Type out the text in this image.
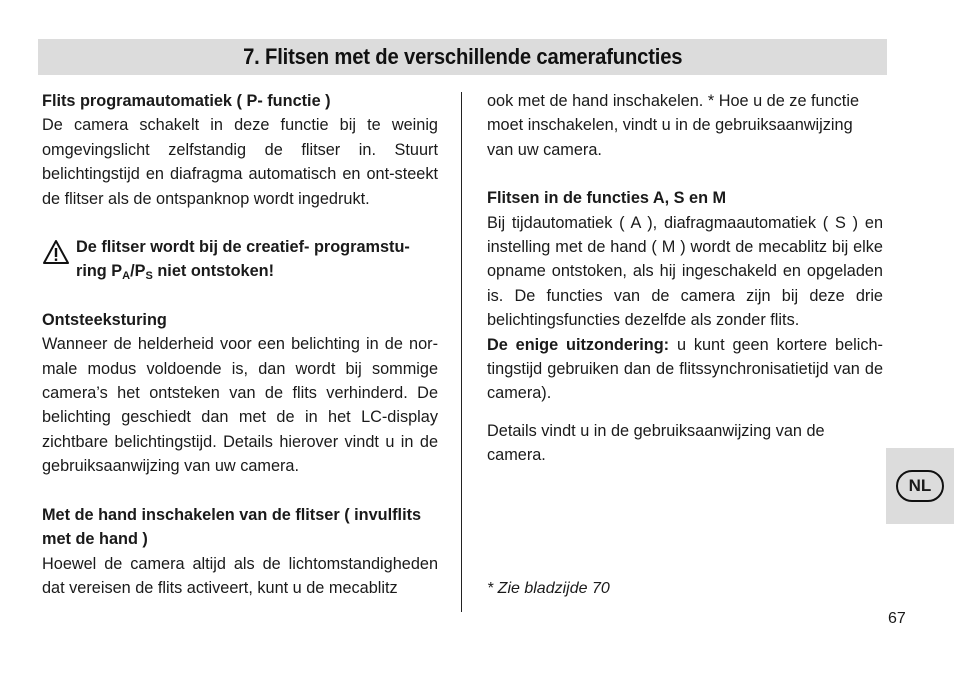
7. Flitsen met de verschillende camerafuncties

Flits programautomatiek ( P- functie )

De camera schakelt in deze functie bij te weinig omgevingslicht zelfstandig de flitser in. Stuurt belichtingstijd en diafragma automatisch en ont-steekt de flitser als de ontspanknop wordt ingedrukt.

De flitser wordt bij de creatief- programstu-
ring $P_A/P_S$ niet ontstoken!

Ontsteeksturing

Wanneer de helderheid voor een belichting in de nor-male modus voldoende is, dan wordt bij sommige camera’s het ontsteken van de flits verhinderd. De belichting geschiedt dan met de in het LC-display zichtbare belichtingstijd. Details hierover vindt u in de gebruiksaanwijzing van uw camera.

Met de hand inschakelen van de flitser ( invulflits met de hand )

Hoewel de camera altijd als de lichtomstandigheden dat vereisen de flits activeert, kunt u de mecablitz

ook met de hand inschakelen. * Hoe u de ze functie moet inschakelen, vindt u in de gebruiksaanwijzing van uw camera.

Flitsen in de functies A, S en M

Bij tijdautomatiek ( A ), diafragmaautomatiek ( S ) en instelling met de hand ( M ) wordt de mecablitz bij elke opname ontstoken, als hij ingeschakeld en opgeladen is. De functies van de camera zijn bij deze drie belichtingsfuncties dezelfde als zonder flits.

De enige uitzondering: u kunt geen kortere belich-tingstijd gebruiken dan de flitssynchronisatietijd van de camera).

Details vindt u in de gebruiksaanwijzing van de camera.

* Zie bladzijde 70
NL
67
